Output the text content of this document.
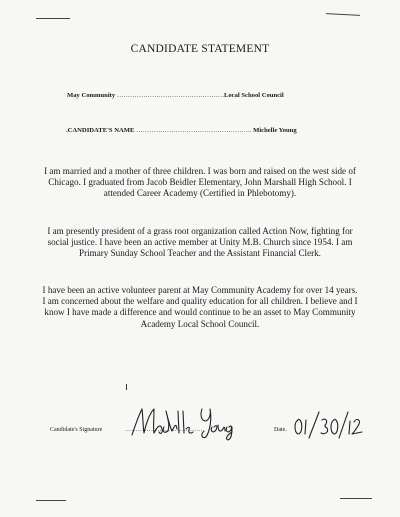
CANDIDATE STATEMENT
May Community ………………………………………….Local School Council
.CANDIDATE'S NAME …………………………………………….. Michelle Young
I am married and a mother of three children. I was born and raised on the west side of Chicago. I graduated from Jacob Beidler Elementary, John Marshall High School. I attended Career Academy (Certified in Phlebotomy).
I am presently president of a grass root organization called Action Now, fighting for social justice. I have been an active member at Unity M.B. Church since 1954. I am Primary Sunday School Teacher and the Assistant Financial Clerk.
I have been an active volunteer parent at May Community Academy for over 14 years. I am concerned about the welfare and quality education for all children. I believe and I know I have made a difference and would continue to be an asset to May Community Academy Local School Council.
Candidate's Signature	………………………………	Date.
